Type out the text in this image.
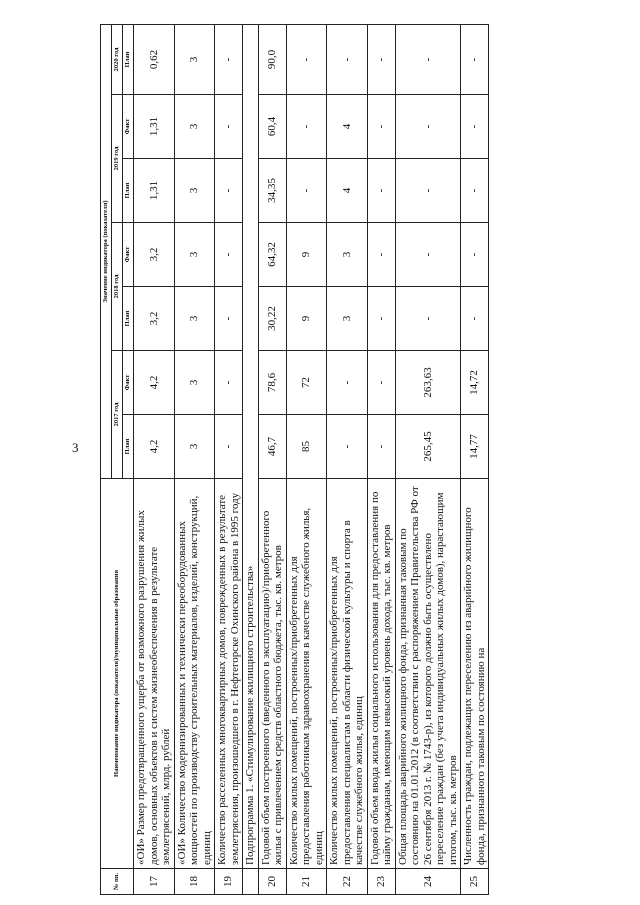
3
№ пп.	Наименование индикатора (показателя)/муниципальные образования	Значение индикатора (показателя)						
		2017 год		2018 год		2019 год		2020 год
		План	Факт	План	Факт	План	Факт	План
17	«ОИ» Размер предотвращенного ущерба от возможного разрушения жилых домов, основных объектов и систем жизнеобеспечения в результате землетрясений, млрд. рублей	4,2	4,2	3,2	3,2	1,31	1,31	0,62
18	«ОИ» Количество модернизированных и технически переоборудованных мощностей по производству строительных материалов, изделий, конструкций, единиц	3	3	3	3	3	3	3
19	Количество расселенных многоквартирных домов, поврежденных в результате землетрясения, произошедшего в г. Нефтегорске Охинского района в 1995 году	-	-	-	-	-	-	-
	Подпрограмма 1. «Стимулирование жилищного строительства»							
20	Годовой объем построенного (введенного в эксплуатацию)/приобретенного жилья с привлечением средств областного бюджета, тыс. кв. метров	46,7	78,6	30,22	64,32	34,35	60,4	90,0
21	Количество жилых помещений, построенных/приобретенных для предоставления работникам здравоохранения в качестве служебного жилья, единиц	85	72	9	9	-	-	-
22	Количество жилых помещений, построенных/приобретенных для предоставления специалистам в области физической культуры и спорта в качестве служебного жилья, единиц	-	-	3	3	4	4	-
23	Годовой объем ввода жилья социального использования для предоставления по найму гражданам, имеющим невысокий уровень дохода, тыс. кв. метров	-	-	-	-	-	-	-
24	Общая площадь аварийного жилищного фонда, признанная таковым по состоянию на 01.01.2012 (в соответствии с распоряжением Правительства РФ от 26 сентября 2013 г. № 1743-р), из которого должно быть осуществлено переселение граждан (без учета индивидуальных жилых домов), нарастающим итогом, тыс. кв. метров	265,45	263,63	-	-	-	-	-
25	Численность граждан, подлежащих переселению из аварийного жилищного фонда, признанного таковым по состоянию на	14,77	14,72	-	-	-	-	-
